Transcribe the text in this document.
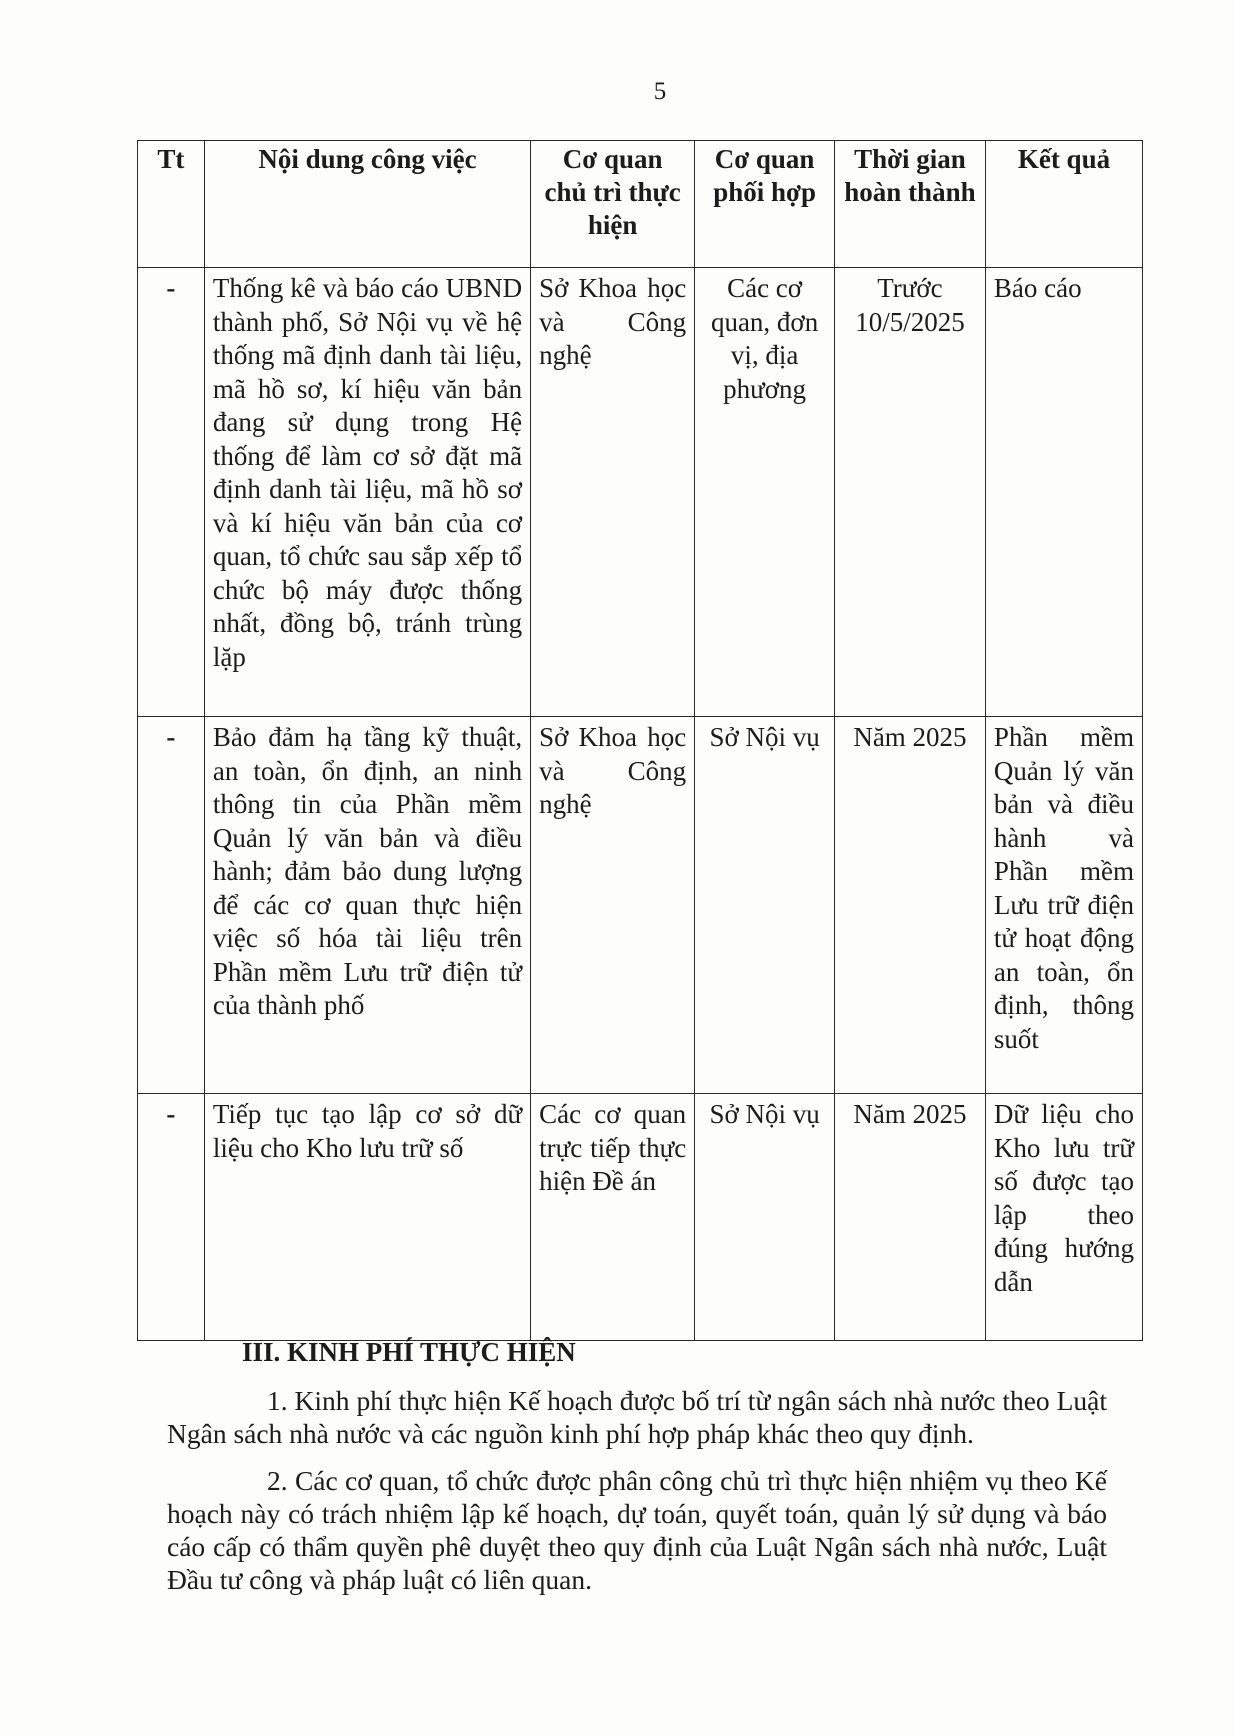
5
Tt	Nội dung công việc	Cơ quan chủ trì thực hiện	Cơ quan phối hợp	Thời gian hoàn thành	Kết quả
-	Thống kê và báo cáo UBND thành phố, Sở Nội vụ về hệ thống mã định danh tài liệu, mã hồ sơ, kí hiệu văn bản đang sử dụng trong Hệ thống để làm cơ sở đặt mã định danh tài liệu, mã hồ sơ và kí hiệu văn bản của cơ quan, tổ chức sau sắp xếp tổ chức bộ máy được thống nhất, đồng bộ, tránh trùng lặp	Sở Khoa học và Công nghệ	Các cơ quan, đơn vị, địa phương	Trước 10/5/2025	Báo cáo
-	Bảo đảm hạ tầng kỹ thuật, an toàn, ổn định, an ninh thông tin của Phần mềm Quản lý văn bản và điều hành; đảm bảo dung lượng để các cơ quan thực hiện việc số hóa tài liệu trên Phần mềm Lưu trữ điện tử của thành phố	Sở Khoa học và Công nghệ	Sở Nội vụ	Năm 2025	Phần mềm Quản lý văn bản và điều hành và Phần mềm Lưu trữ điện tử hoạt động an toàn, ổn định, thông suốt
-	Tiếp tục tạo lập cơ sở dữ liệu cho Kho lưu trữ số	Các cơ quan trực tiếp thực hiện Đề án	Sở Nội vụ	Năm 2025	Dữ liệu cho Kho lưu trữ số được tạo lập theo đúng hướng dẫn
III. KINH PHÍ THỰC HIỆN

1. Kinh phí thực hiện Kế hoạch được bố trí từ ngân sách nhà nước theo Luật Ngân sách nhà nước và các nguồn kinh phí hợp pháp khác theo quy định.

2. Các cơ quan, tổ chức được phân công chủ trì thực hiện nhiệm vụ theo Kế hoạch này có trách nhiệm lập kế hoạch, dự toán, quyết toán, quản lý sử dụng và báo cáo cấp có thẩm quyền phê duyệt theo quy định của Luật Ngân sách nhà nước, Luật Đầu tư công và pháp luật có liên quan.
